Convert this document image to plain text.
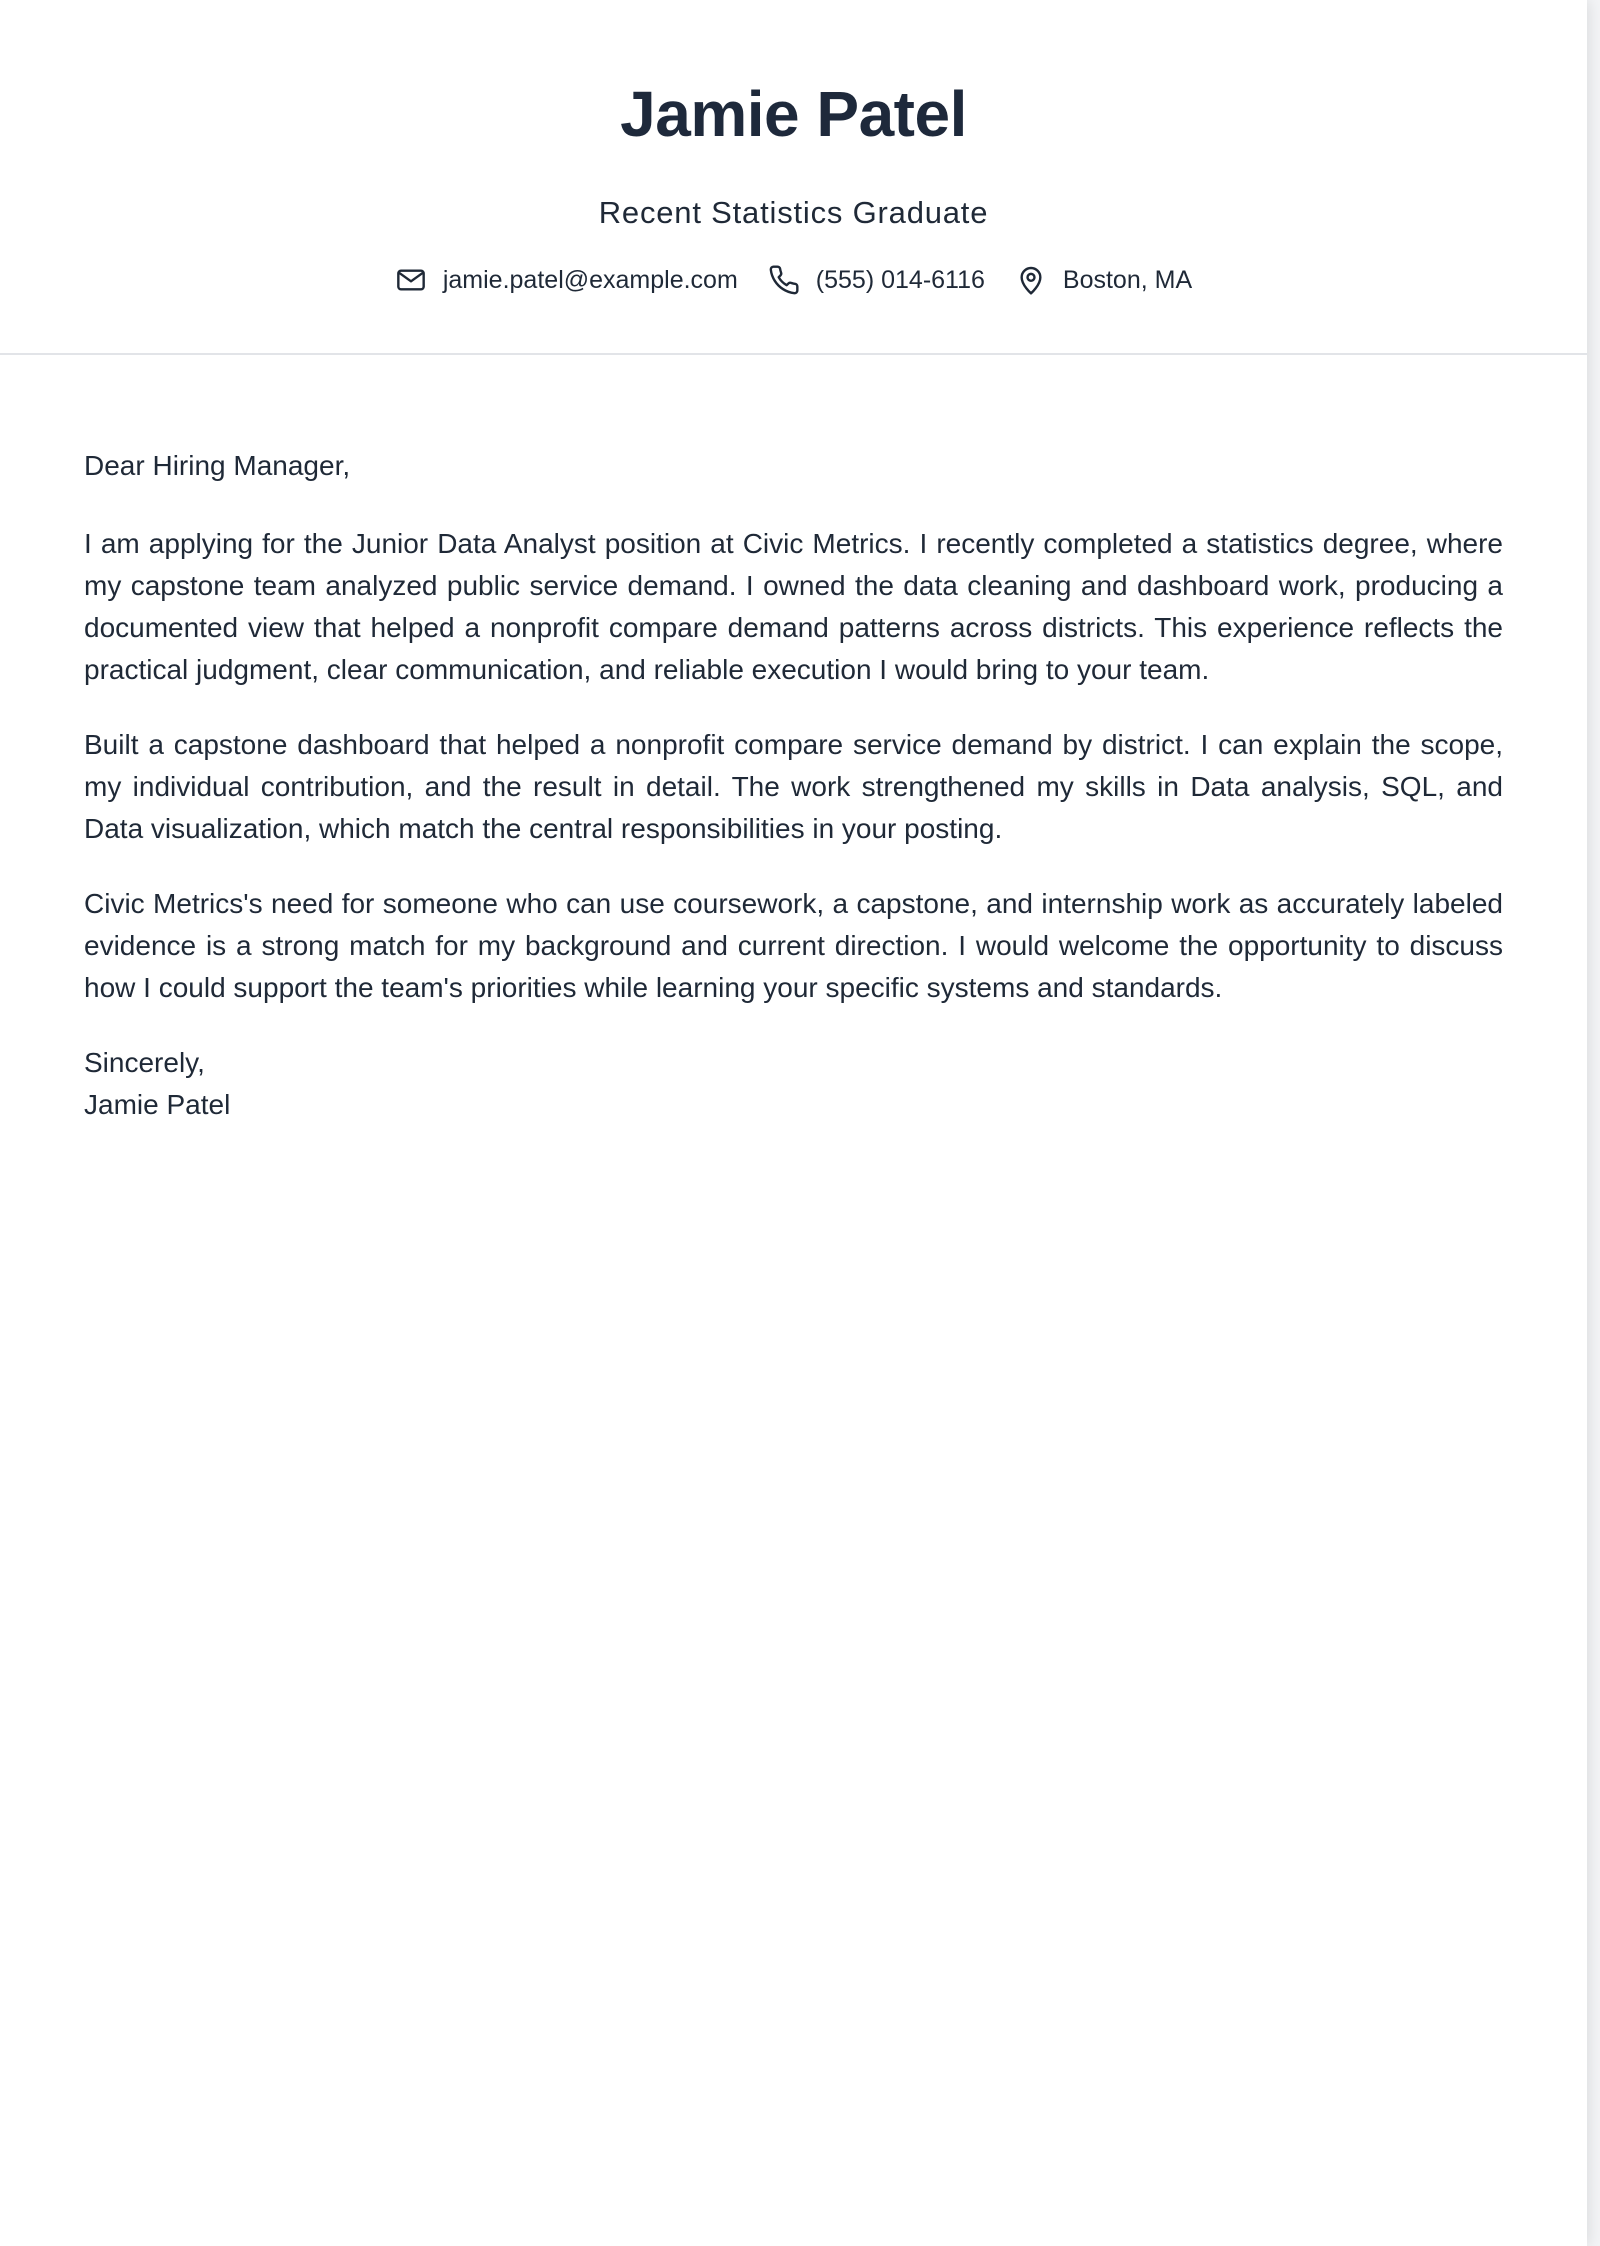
Jamie Patel
Recent Statistics Graduate
jamie.patel@example.com	(555) 014-6116	Boston, MA

Dear Hiring Manager,

I am applying for the Junior Data Analyst position at Civic Metrics. I recently completed a statistics degree, where my capstone team analyzed public service demand. I owned the data cleaning and dashboard work, producing a documented view that helped a nonprofit compare demand patterns across districts. This experience reflects the practical judgment, clear communication, and reliable execution I would bring to your team.

Built a capstone dashboard that helped a nonprofit compare service demand by district. I can explain the scope, my individual contribution, and the result in detail. The work strengthened my skills in Data analysis, SQL, and Data visualization, which match the central responsibilities in your posting.

Civic Metrics's need for someone who can use coursework, a capstone, and internship work as accurately labeled evidence is a strong match for my background and current direction. I would welcome the opportunity to discuss how I could support the team's priorities while learning your specific systems and standards.

Sincerely,
Jamie Patel
